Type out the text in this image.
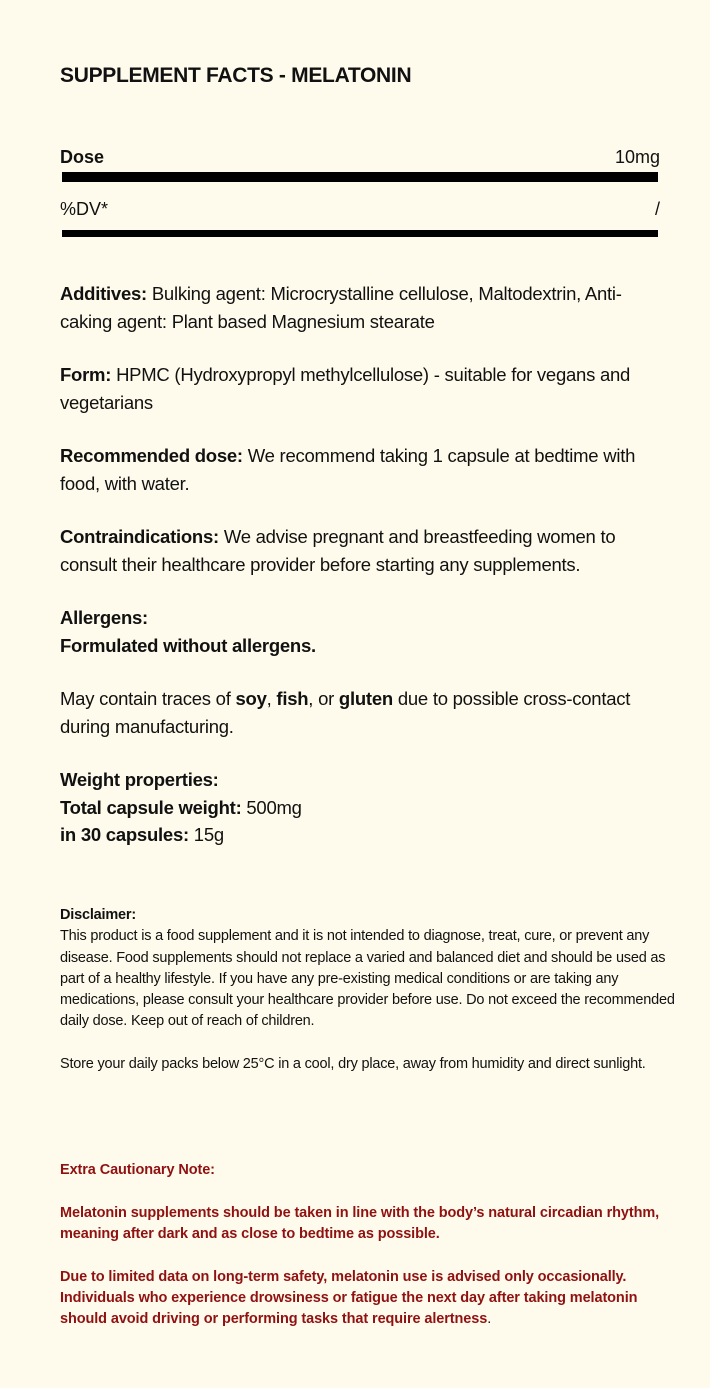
SUPPLEMENT FACTS - MELATONIN
Dose	10mg
%DV*	/

Additives: Bulking agent: Microcrystalline cellulose, Maltodextrin, Anti-caking agent: Plant based Magnesium stearate

Form: HPMC (Hydroxypropyl methylcellulose) - suitable for vegans and vegetarians

Recommended dose: We recommend taking 1 capsule at bedtime with food, with water.

Contraindications: We advise pregnant and breastfeeding women to consult their healthcare provider before starting any supplements.

Allergens:
Formulated without allergens.

May contain traces of soy, fish, or gluten due to possible cross-contact during manufacturing.

Weight properties:
Total capsule weight: 500mg
in 30 capsules: 15g

Disclaimer:
This product is a food supplement and it is not intended to diagnose, treat, cure, or prevent any disease. Food supplements should not replace a varied and balanced diet and should be used as part of a healthy lifestyle. If you have any pre-existing medical conditions or are taking any medications, please consult your healthcare provider before use. Do not exceed the recommended daily dose. Keep out of reach of children.

Store your daily packs below 25°C in a cool, dry place, away from humidity and direct sunlight.

Extra Cautionary Note:

Melatonin supplements should be taken in line with the body’s natural circadian rhythm, meaning after dark and as close to bedtime as possible.

Due to limited data on long-term safety, melatonin use is advised only occasionally.

Individuals who experience drowsiness or fatigue the next day after taking melatonin should avoid driving or performing tasks that require alertness.
